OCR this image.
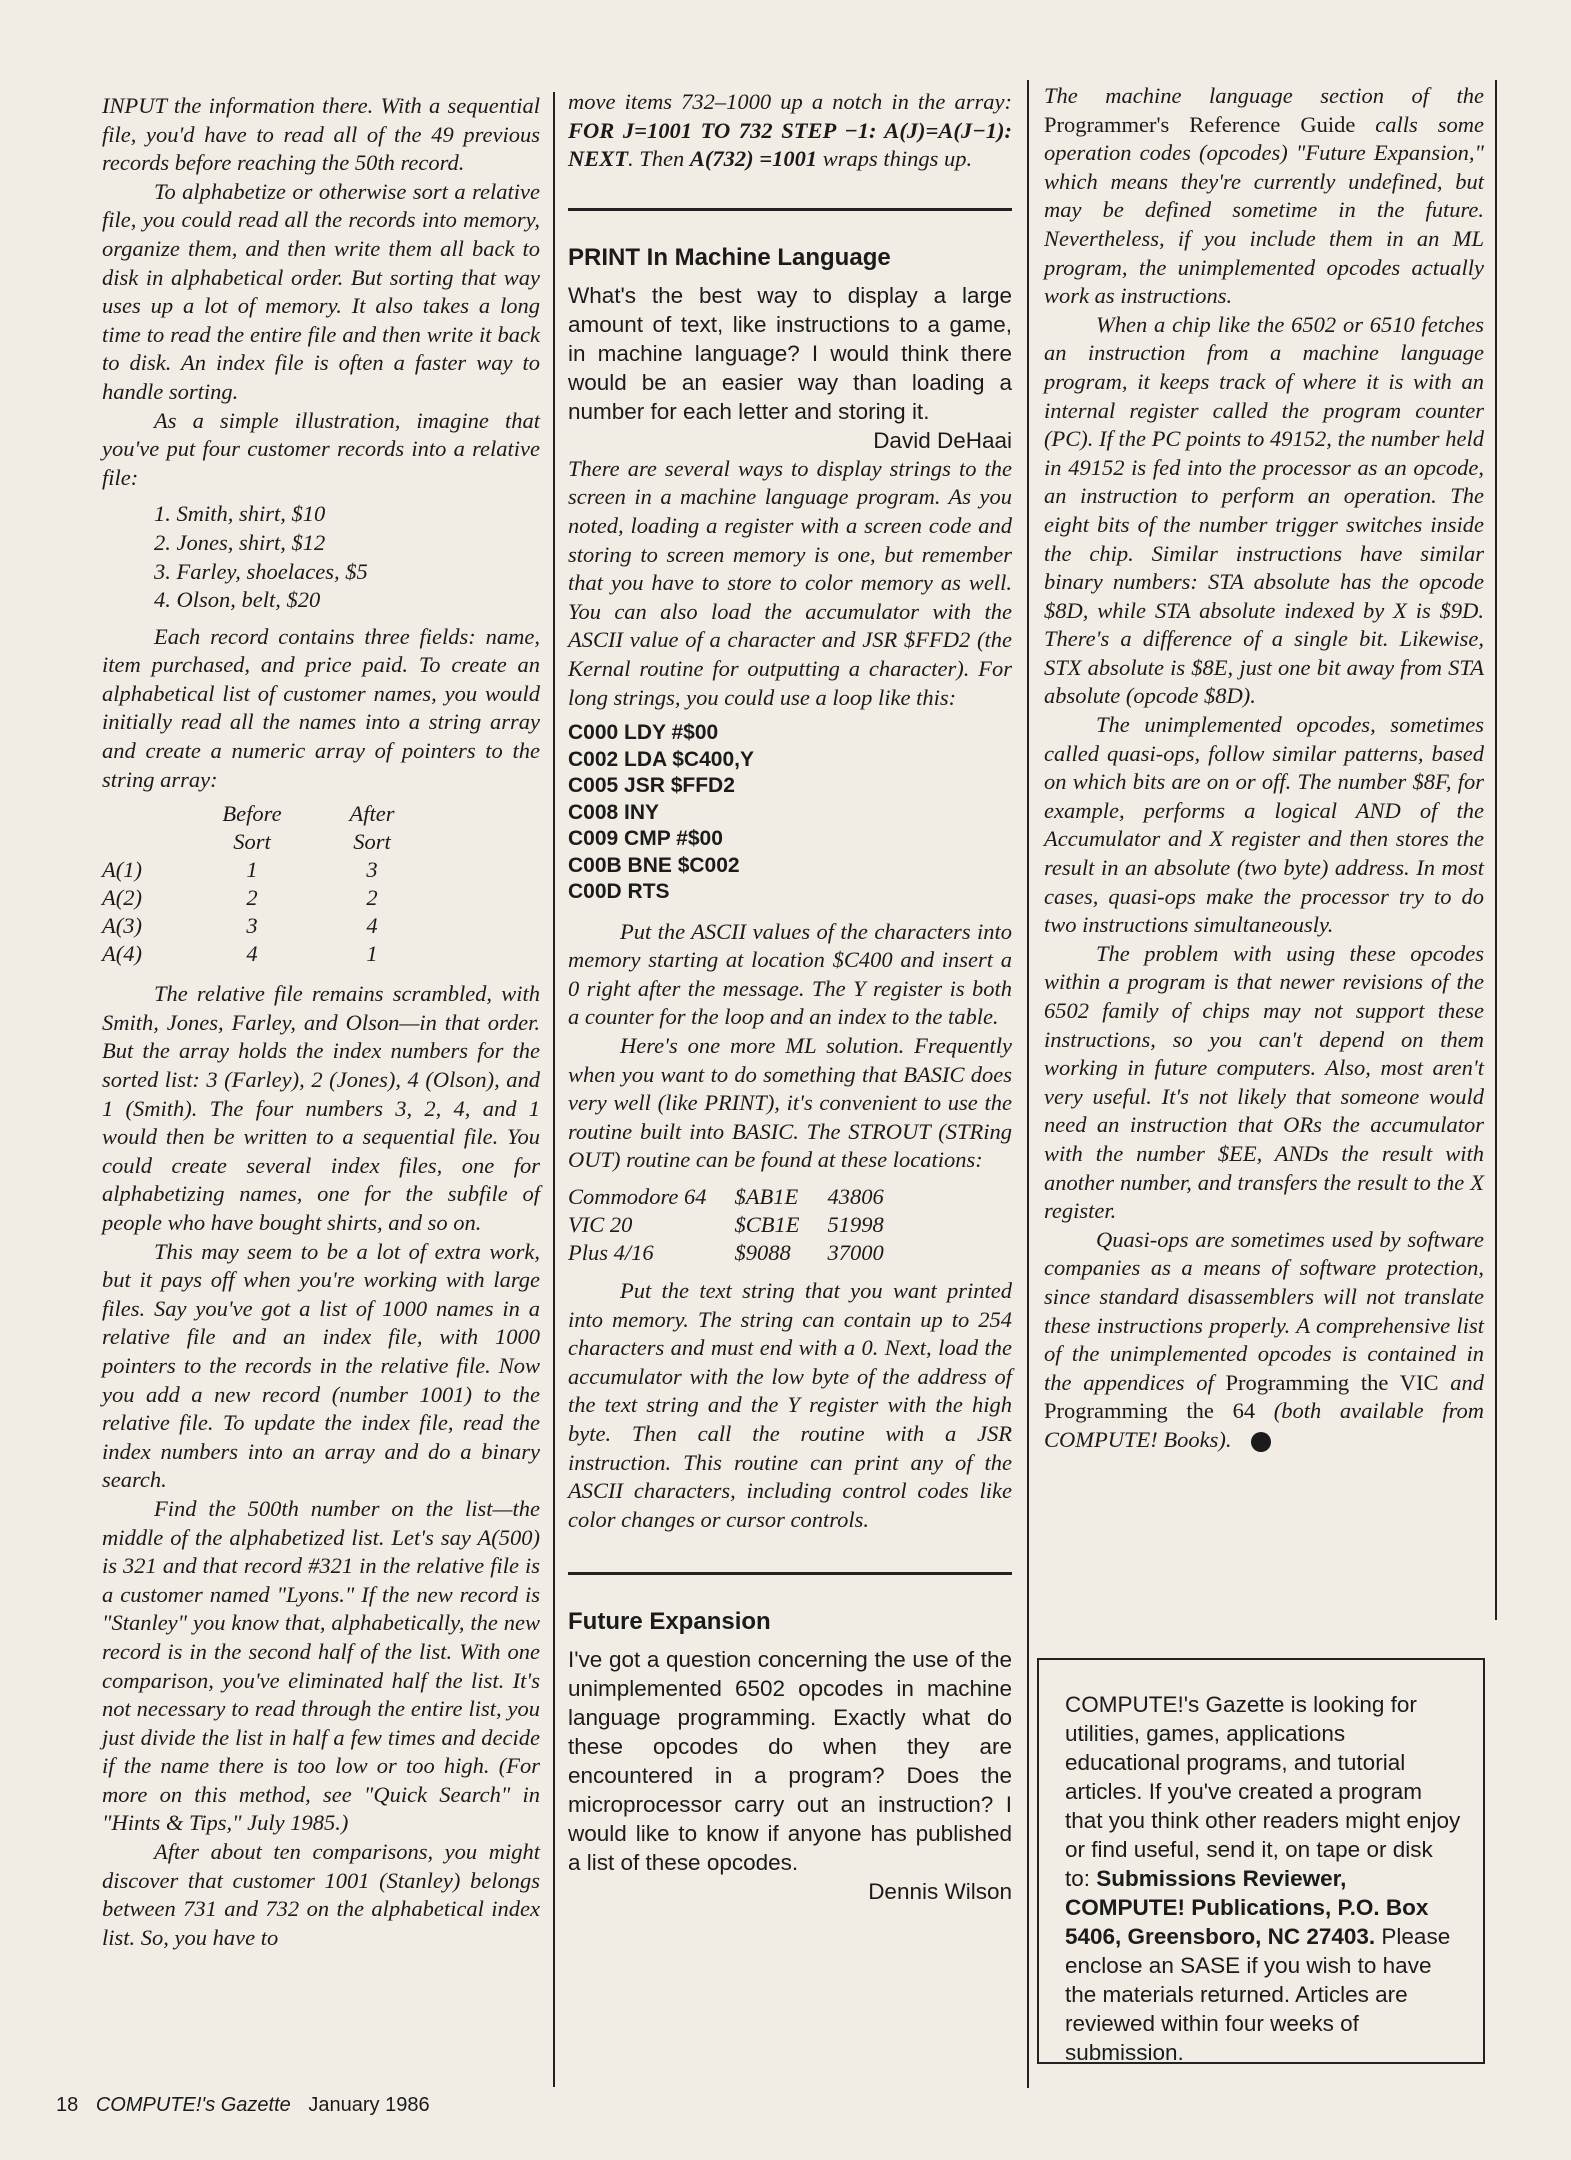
INPUT the information there. With a sequential file, you'd have to read all of the 49 previous records before reaching the 50th record.

To alphabetize or otherwise sort a relative file, you could read all the records into memory, organize them, and then write them all back to disk in alphabetical order. But sorting that way uses up a lot of memory. It also takes a long time to read the entire file and then write it back to disk. An index file is often a faster way to handle sorting.

As a simple illustration, imagine that you've put four customer records into a relative file:

1. Smith, shirt, $10
2. Jones, shirt, $12
3. Farley, shoelaces, $5
4. Olson, belt, $20

Each record contains three fields: name, item purchased, and price paid. To create an alphabetical list of customer names, you would initially read all the names into a string array and create a numeric array of pointers to the string array:

	Before	After
	Sort	Sort
A(1)	1	3
A(2)	2	2
A(3)	3	4
A(4)	4	1

The relative file remains scrambled, with Smith, Jones, Farley, and Olson—in that order. But the array holds the index numbers for the sorted list: 3 (Farley), 2 (Jones), 4 (Olson), and 1 (Smith). The four numbers 3, 2, 4, and 1 would then be written to a sequential file. You could create several index files, one for alphabetizing names, one for the subfile of people who have bought shirts, and so on.

This may seem to be a lot of extra work, but it pays off when you're working with large files. Say you've got a list of 1000 names in a relative file and an index file, with 1000 pointers to the records in the relative file. Now you add a new record (number 1001) to the relative file. To update the index file, read the index numbers into an array and do a binary search.

Find the 500th number on the list—the middle of the alphabetized list. Let's say A(500) is 321 and that record #321 in the relative file is a customer named "Lyons." If the new record is "Stanley" you know that, alphabetically, the new record is in the second half of the list. With one comparison, you've eliminated half the list. It's not necessary to read through the entire list, you just divide the list in half a few times and decide if the name there is too low or too high. (For more on this method, see "Quick Search" in "Hints & Tips," July 1985.)

After about ten comparisons, you might discover that customer 1001 (Stanley) belongs between 731 and 732 on the alphabetical index list. So, you have to

move items 732–1000 up a notch in the array: FOR J=1001 TO 732 STEP −1: A(J)=A(J−1): NEXT. Then A(732) =1001 wraps things up.

PRINT In Machine Language

What's the best way to display a large amount of text, like instructions to a game, in machine language? I would think there would be an easier way than loading a number for each letter and storing it.

David DeHaai

There are several ways to display strings to the screen in a machine language program. As you noted, loading a register with a screen code and storing to screen memory is one, but remember that you have to store to color memory as well. You can also load the accumulator with the ASCII value of a character and JSR $FFD2 (the Kernal routine for outputting a character). For long strings, you could use a loop like this:

C000 LDY #$00
C002 LDA $C400,Y
C005 JSR $FFD2
C008 INY
C009 CMP #$00
C00B BNE $C002
C00D RTS

Put the ASCII values of the characters into memory starting at location $C400 and insert a 0 right after the message. The Y register is both a counter for the loop and an index to the table.

Here's one more ML solution. Frequently when you want to do something that BASIC does very well (like PRINT), it's convenient to use the routine built into BASIC. The STROUT (STRing OUT) routine can be found at these locations:

Commodore 64	$AB1E	43806
VIC 20	$CB1E	51998
Plus 4/16	$9088	37000

Put the text string that you want printed into memory. The string can contain up to 254 characters and must end with a 0. Next, load the accumulator with the low byte of the address of the text string and the Y register with the high byte. Then call the routine with a JSR instruction. This routine can print any of the ASCII characters, including control codes like color changes or cursor controls.

Future Expansion

I've got a question concerning the use of the unimplemented 6502 opcodes in machine language programming. Exactly what do these opcodes do when they are encountered in a program? Does the microprocessor carry out an instruction? I would like to know if anyone has published a list of these opcodes.

Dennis Wilson

The machine language section of the Programmer's Reference Guide calls some operation codes (opcodes) "Future Expansion," which means they're currently undefined, but may be defined sometime in the future. Nevertheless, if you include them in an ML program, the unimplemented opcodes actually work as instructions.

When a chip like the 6502 or 6510 fetches an instruction from a machine language program, it keeps track of where it is with an internal register called the program counter (PC). If the PC points to 49152, the number held in 49152 is fed into the processor as an opcode, an instruction to perform an operation. The eight bits of the number trigger switches inside the chip. Similar instructions have similar binary numbers: STA absolute has the opcode $8D, while STA absolute indexed by X is $9D. There's a difference of a single bit. Likewise, STX absolute is $8E, just one bit away from STA absolute (opcode $8D).

The unimplemented opcodes, sometimes called quasi-ops, follow similar patterns, based on which bits are on or off. The number $8F, for example, performs a logical AND of the Accumulator and X register and then stores the result in an absolute (two byte) address. In most cases, quasi-ops make the processor try to do two instructions simultaneously.

The problem with using these opcodes within a program is that newer revisions of the 6502 family of chips may not support these instructions, so you can't depend on them working in future computers. Also, most aren't very useful. It's not likely that someone would need an instruction that ORs the accumulator with the number $EE, ANDs the result with another number, and transfers the result to the X register.

Quasi-ops are sometimes used by software companies as a means of software protection, since standard disassemblers will not translate these instructions properly. A comprehensive list of the unimplemented opcodes is contained in the appendices of Programming the VIC and Programming the 64 (both available from COMPUTE! Books).

COMPUTE!'s Gazette is looking for utilities, games, applications educational programs, and tutorial articles. If you've created a program that you think other readers might enjoy or find useful, send it, on tape or disk to: Submissions Reviewer, COMPUTE! Publications, P.O. Box 5406, Greensboro, NC 27403. Please enclose an SASE if you wish to have the materials returned. Articles are reviewed within four weeks of submission.
18 COMPUTE!'s Gazette January 1986
